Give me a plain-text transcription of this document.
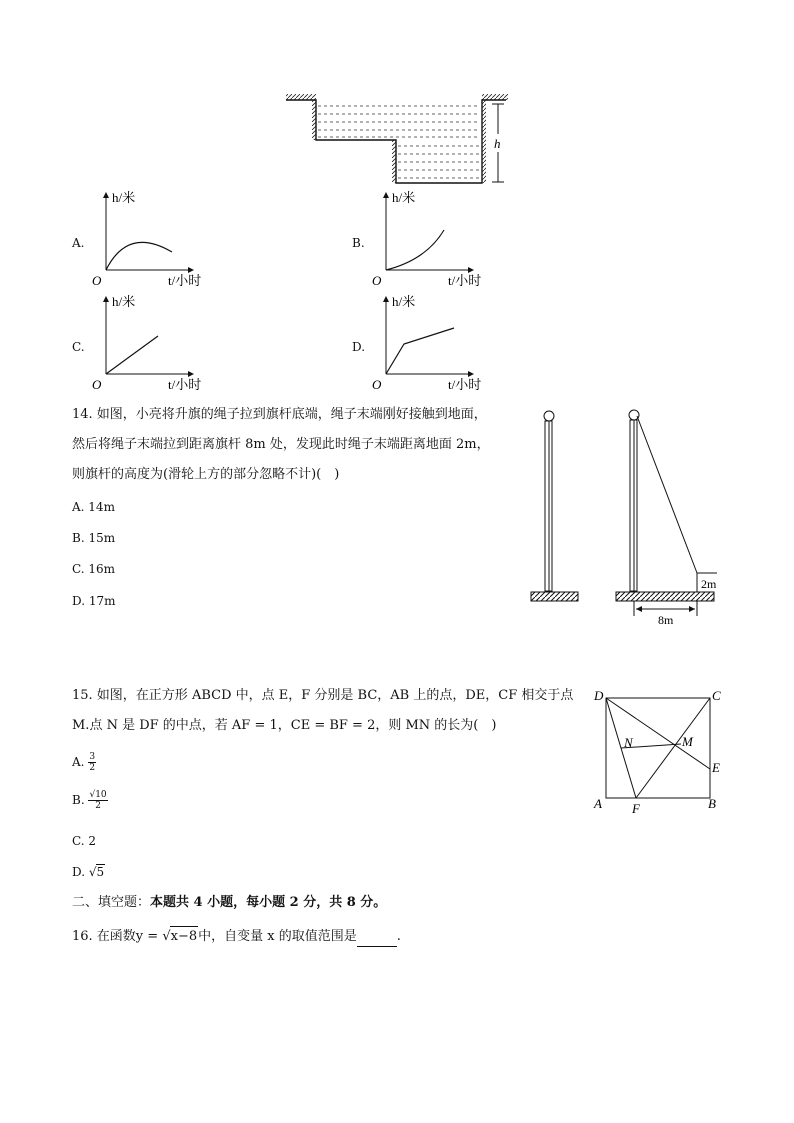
h
A.
h/米
O	t/小时
B.
h/米
O	t/小时
C.
h/米
O	t/小时
D.
h/米
O	t/小时
14. 如图，小亮将升旗的绳子拉到旗杆底端，绳子末端刚好接触到地面，
然后将绳子末端拉到距离旗杆 8m 处，发现此时绳子末端距离地面 2m，
则旗杆的高度为(滑轮上方的部分忽略不计)(　)
A. 14m
B. 15m
C. 16m
D. 17m
2m
8m
15. 如图，在正方形 ABCD 中，点 E，F 分别是 BC，AB 上的点，DE，CF 相交于点
M.点 N 是 DF 的中点，若 AF = 1，CE = BF = 2，则 MN 的长为(　)
A. $\frac{3}{2}$
B. $\frac{√10}{2}$
C. 2
D. √5
D	C
E
B
A F
M
N
二、填空题：本题共 4 小题，每小题 2 分，共 8 分。
16. 在函数y = √x−8中，自变量 x 的取值范围是	.
